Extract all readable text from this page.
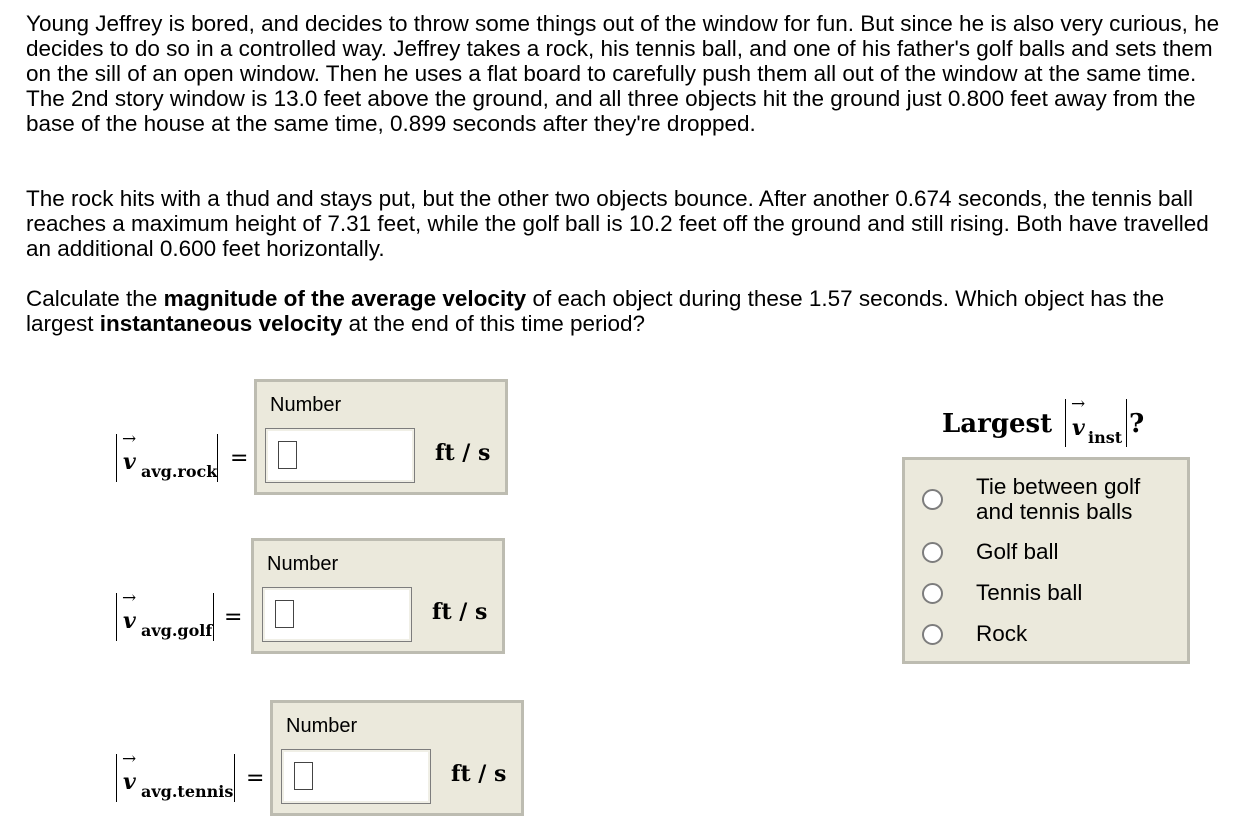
Young Jeffrey is bored, and decides to throw some things out of the window for fun. But since he is also very curious, he decides to do so in a controlled way. Jeffrey takes a rock, his tennis ball, and one of his father's golf balls and sets them on the sill of an open window. Then he uses a flat board to carefully push them all out of the window at the same time. The 2nd story window is 13.0 feet above the ground, and all three objects hit the ground just 0.800 feet away from the base of the house at the same time, 0.899 seconds after they're dropped.

The rock hits with a thud and stays put, but the other two objects bounce. After another 0.674 seconds, the tennis ball reaches a maximum height of 7.31 feet, while the golf ball is 10.2 feet off the ground and still rising. Both have travelled an additional 0.600 feet horizontally.

Calculate the magnitude of the average velocity of each object during these 1.57 seconds. Which object has the largest instantaneous velocity at the end of this time period?

→
v avg.rock
=
Number
ft / s
→
v avg.golf
=
Number
ft / s
→
v avg.tennis
=
Number
ft / s
Largest
→
v inst ?
Tie between golf and tennis balls
Golf ball
Tennis ball
Rock
